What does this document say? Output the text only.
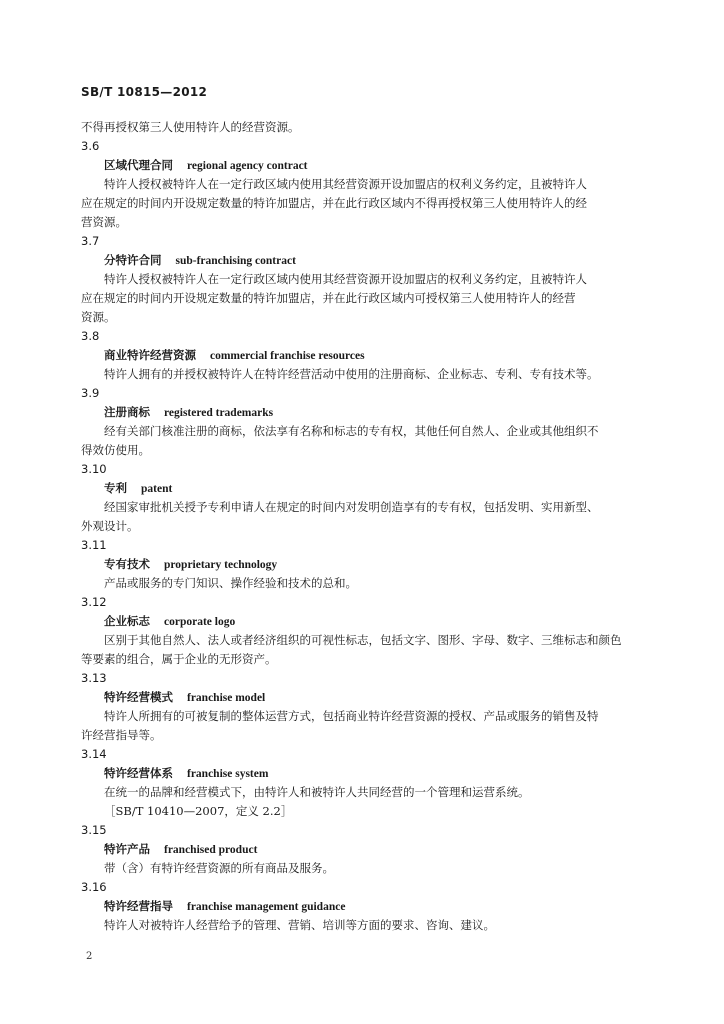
SB/T 10815—2012

不得再授权第三人使用特许人的经营资源。

3.6
区域代理合同 regional agency contract
特许人授权被特许人在一定行政区域内使用其经营资源开设加盟店的权利义务约定，且被特许人
应在规定的时间内开设规定数量的特许加盟店，并在此行政区域内不得再授权第三人使用特许人的经
营资源。
3.7
分特许合同 sub-franchising contract
特许人授权被特许人在一定行政区域内使用其经营资源开设加盟店的权利义务约定，且被特许人
应在规定的时间内开设规定数量的特许加盟店，并在此行政区域内可授权第三人使用特许人的经营
资源。
3.8
商业特许经营资源 commercial franchise resources
特许人拥有的并授权被特许人在特许经营活动中使用的注册商标、企业标志、专利、专有技术等。
3.9
注册商标 registered trademarks
经有关部门核准注册的商标，依法享有名称和标志的专有权，其他任何自然人、企业或其他组织不
得效仿使用。
3.10
专利 patent
经国家审批机关授予专利申请人在规定的时间内对发明创造享有的专有权，包括发明、实用新型、
外观设计。
3.11
专有技术 proprietary technology
产品或服务的专门知识、操作经验和技术的总和。
3.12
企业标志 corporate logo
区别于其他自然人、法人或者经济组织的可视性标志，包括文字、图形、字母、数字、三维标志和颜色
等要素的组合，属于企业的无形资产。
3.13
特许经营模式 franchise model
特许人所拥有的可被复制的整体运营方式，包括商业特许经营资源的授权、产品或服务的销售及特
许经营指导等。
3.14
特许经营体系 franchise system
在统一的品牌和经营模式下，由特许人和被特许人共同经营的一个管理和运营系统。
［SB/T 10410—2007，定义 2.2］
3.15
特许产品 franchised product
带（含）有特许经营资源的所有商品及服务。
3.16
特许经营指导 franchise management guidance
特许人对被特许人经营给予的管理、营销、培训等方面的要求、咨询、建议。
2
